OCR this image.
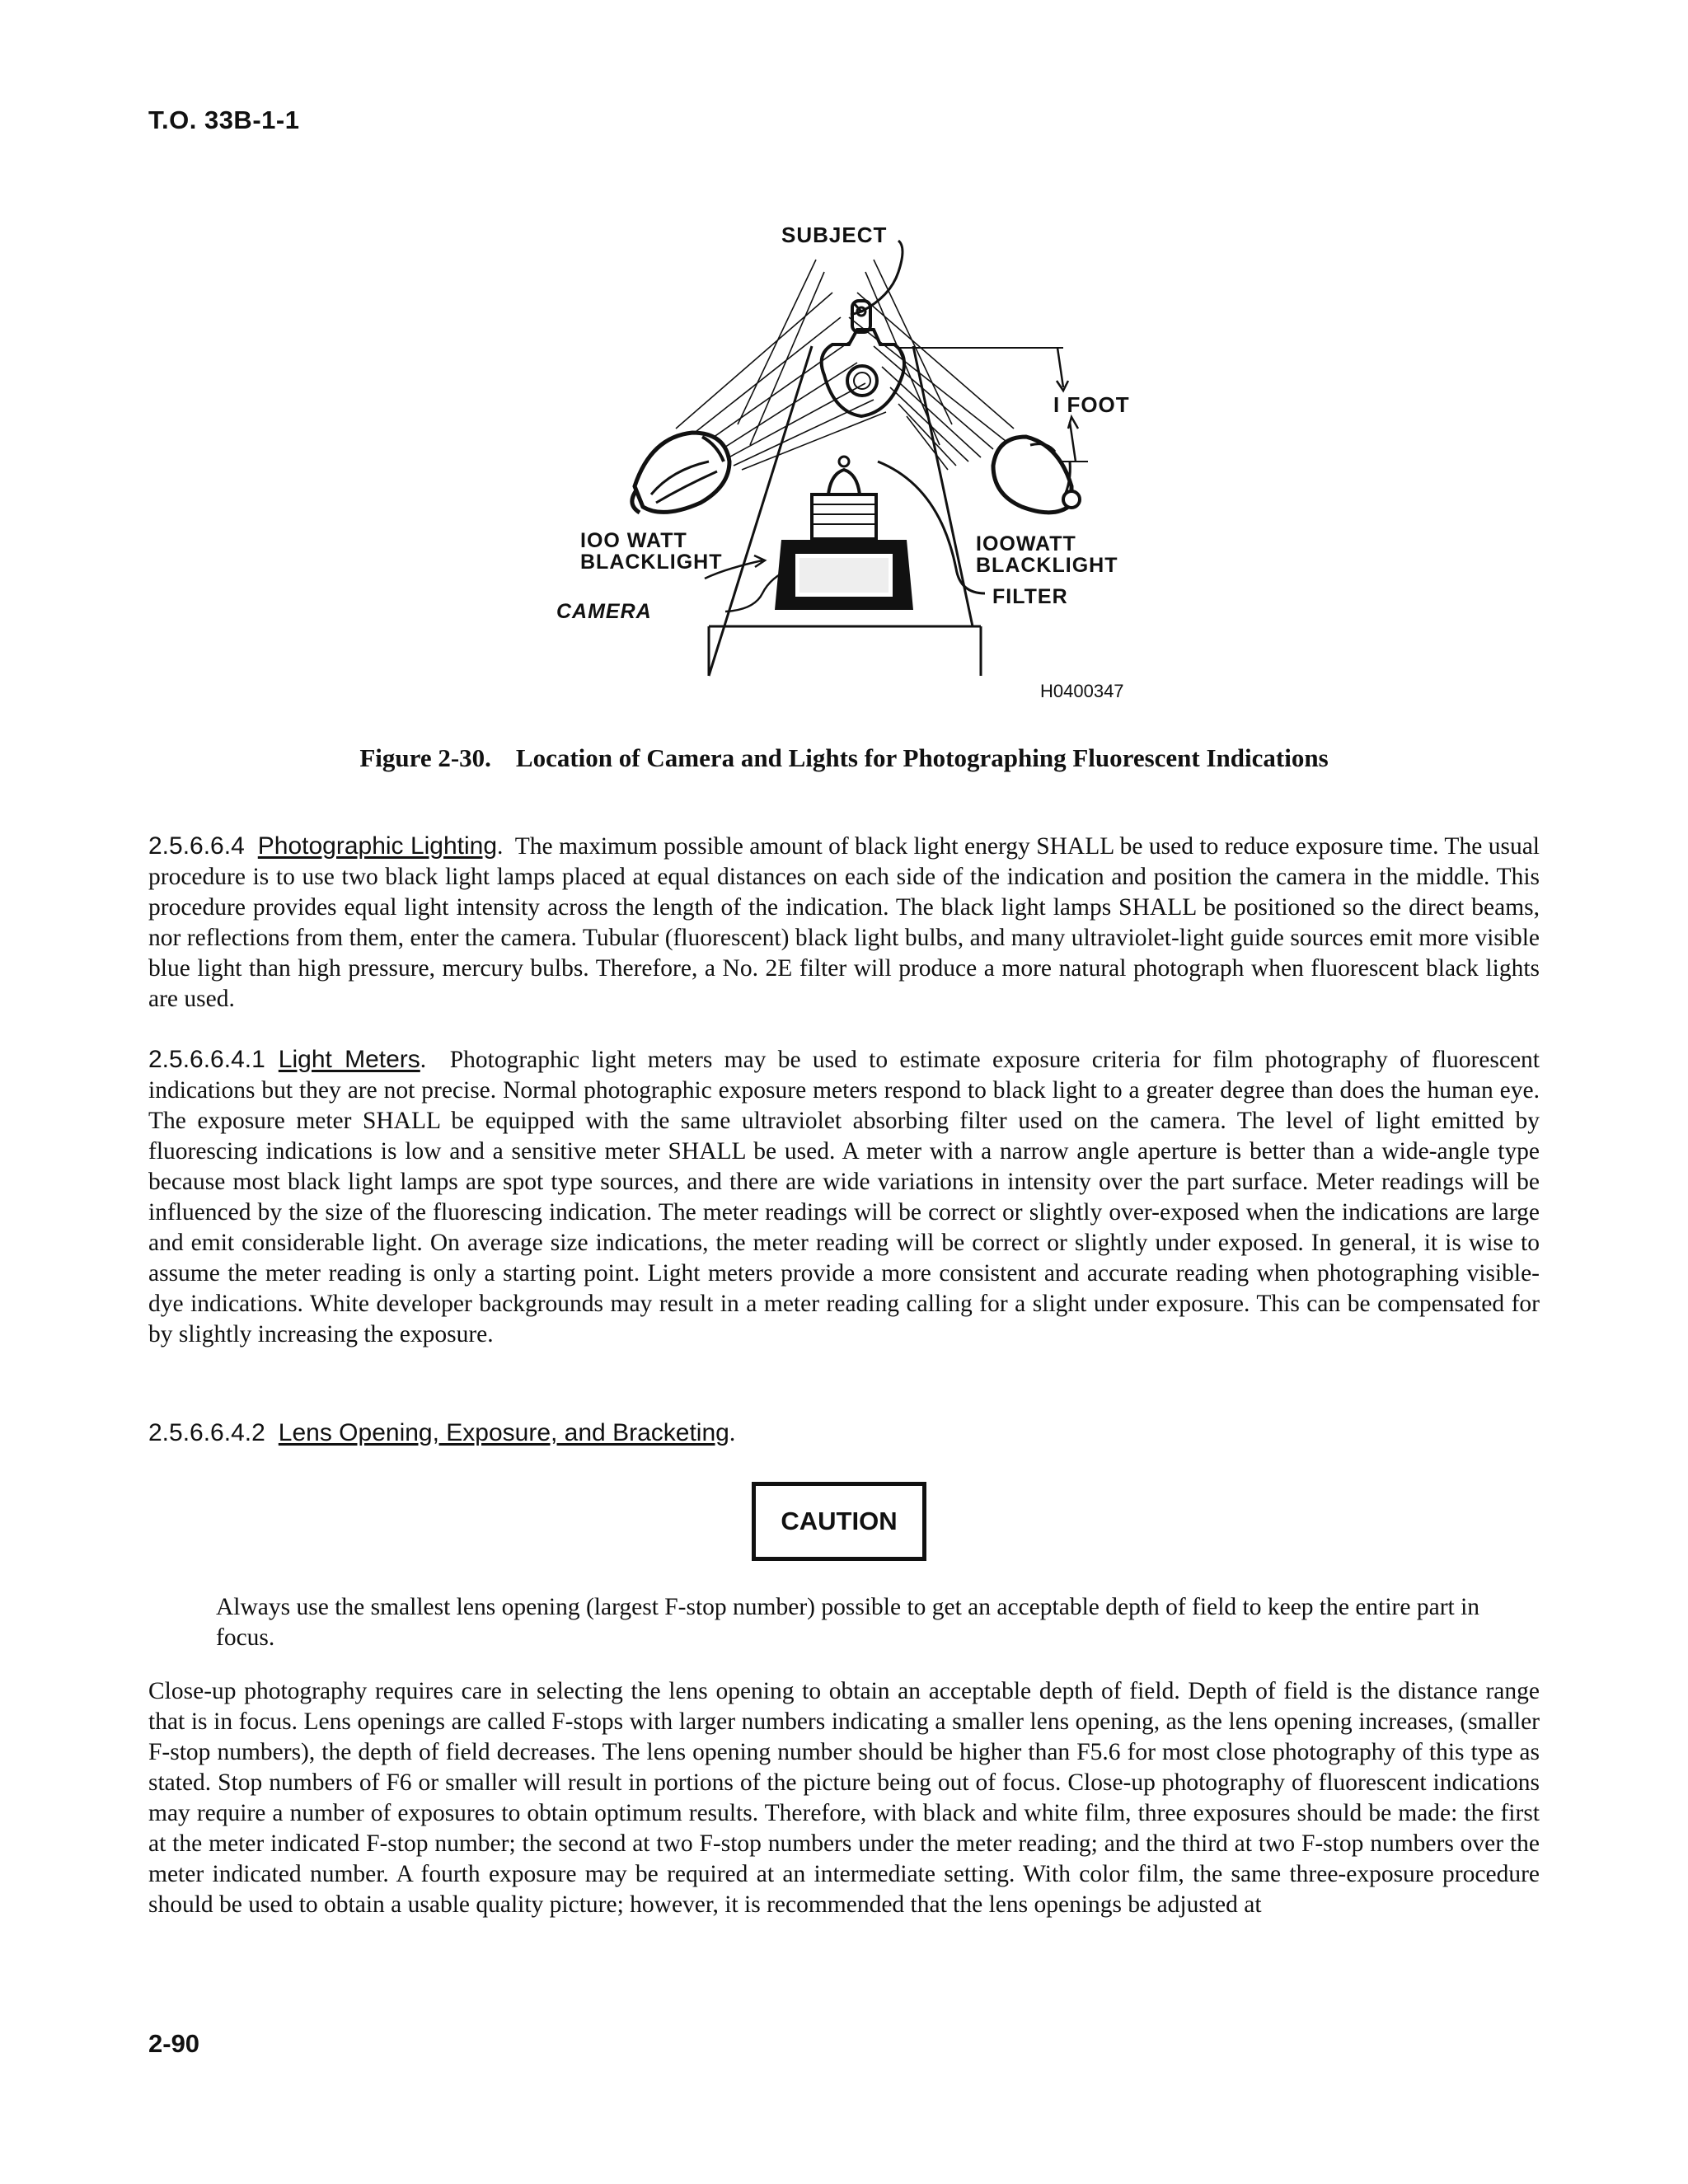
T.O. 33B-1-1
SUBJECT
I FOOT
IOO WATT
BLACKLIGHT
IOOWATT
BLACKLIGHT
FILTER
CAMERA
H0400347
Figure 2-30. Location of Camera and Lights for Photographing Fluorescent Indications
2.5.6.6.4 Photographic Lighting.  The maximum possible amount of black light energy SHALL be used to reduce exposure time. The usual procedure is to use two black light lamps placed at equal distances on each side of the indication and position the camera in the middle. This procedure provides equal light intensity across the length of the indication. The black light lamps SHALL be positioned so the direct beams, nor reflections from them, enter the camera. Tubular (fluorescent) black light bulbs, and many ultraviolet-light guide sources emit more visible blue light than high pressure, mercury bulbs. Therefore, a No. 2E filter will produce a more natural photograph when fluorescent black lights are used.
2.5.6.6.4.1 Light Meters.  Photographic light meters may be used to estimate exposure criteria for film photography of fluorescent indications but they are not precise. Normal photographic exposure meters respond to black light to a greater degree than does the human eye. The exposure meter SHALL be equipped with the same ultraviolet absorbing filter used on the camera. The level of light emitted by fluorescing indications is low and a sensitive meter SHALL be used. A meter with a narrow angle aperture is better than a wide-angle type because most black light lamps are spot type sources, and there are wide variations in intensity over the part surface. Meter readings will be influenced by the size of the fluorescing indication. The meter readings will be correct or slightly over-exposed when the indications are large and emit considerable light. On average size indications, the meter reading will be correct or slightly under exposed. In general, it is wise to assume the meter reading is only a starting point. Light meters provide a more consistent and accurate reading when photographing visible-dye indications. White developer backgrounds may result in a meter reading calling for a slight under exposure. This can be compensated for by slightly increasing the exposure.
2.5.6.6.4.2 Lens Opening, Exposure, and Bracketing.
CAUTION
Always use the smallest lens opening (largest F-stop number) possible to get an acceptable depth of field to keep the entire part in focus.
Close-up photography requires care in selecting the lens opening to obtain an acceptable depth of field. Depth of field is the distance range that is in focus. Lens openings are called F-stops with larger numbers indicating a smaller lens opening, as the lens opening increases, (smaller F-stop numbers), the depth of field decreases. The lens opening number should be higher than F5.6 for most close photography of this type as stated. Stop numbers of F6 or smaller will result in portions of the picture being out of focus. Close-up photography of fluorescent indications may require a number of exposures to obtain optimum results. Therefore, with black and white film, three exposures should be made: the first at the meter indicated F-stop number; the second at two F-stop numbers under the meter reading; and the third at two F-stop numbers over the meter indicated number. A fourth exposure may be required at an intermediate setting. With color film, the same three-exposure procedure should be used to obtain a usable quality picture; however, it is recommended that the lens openings be adjusted at
2-90
